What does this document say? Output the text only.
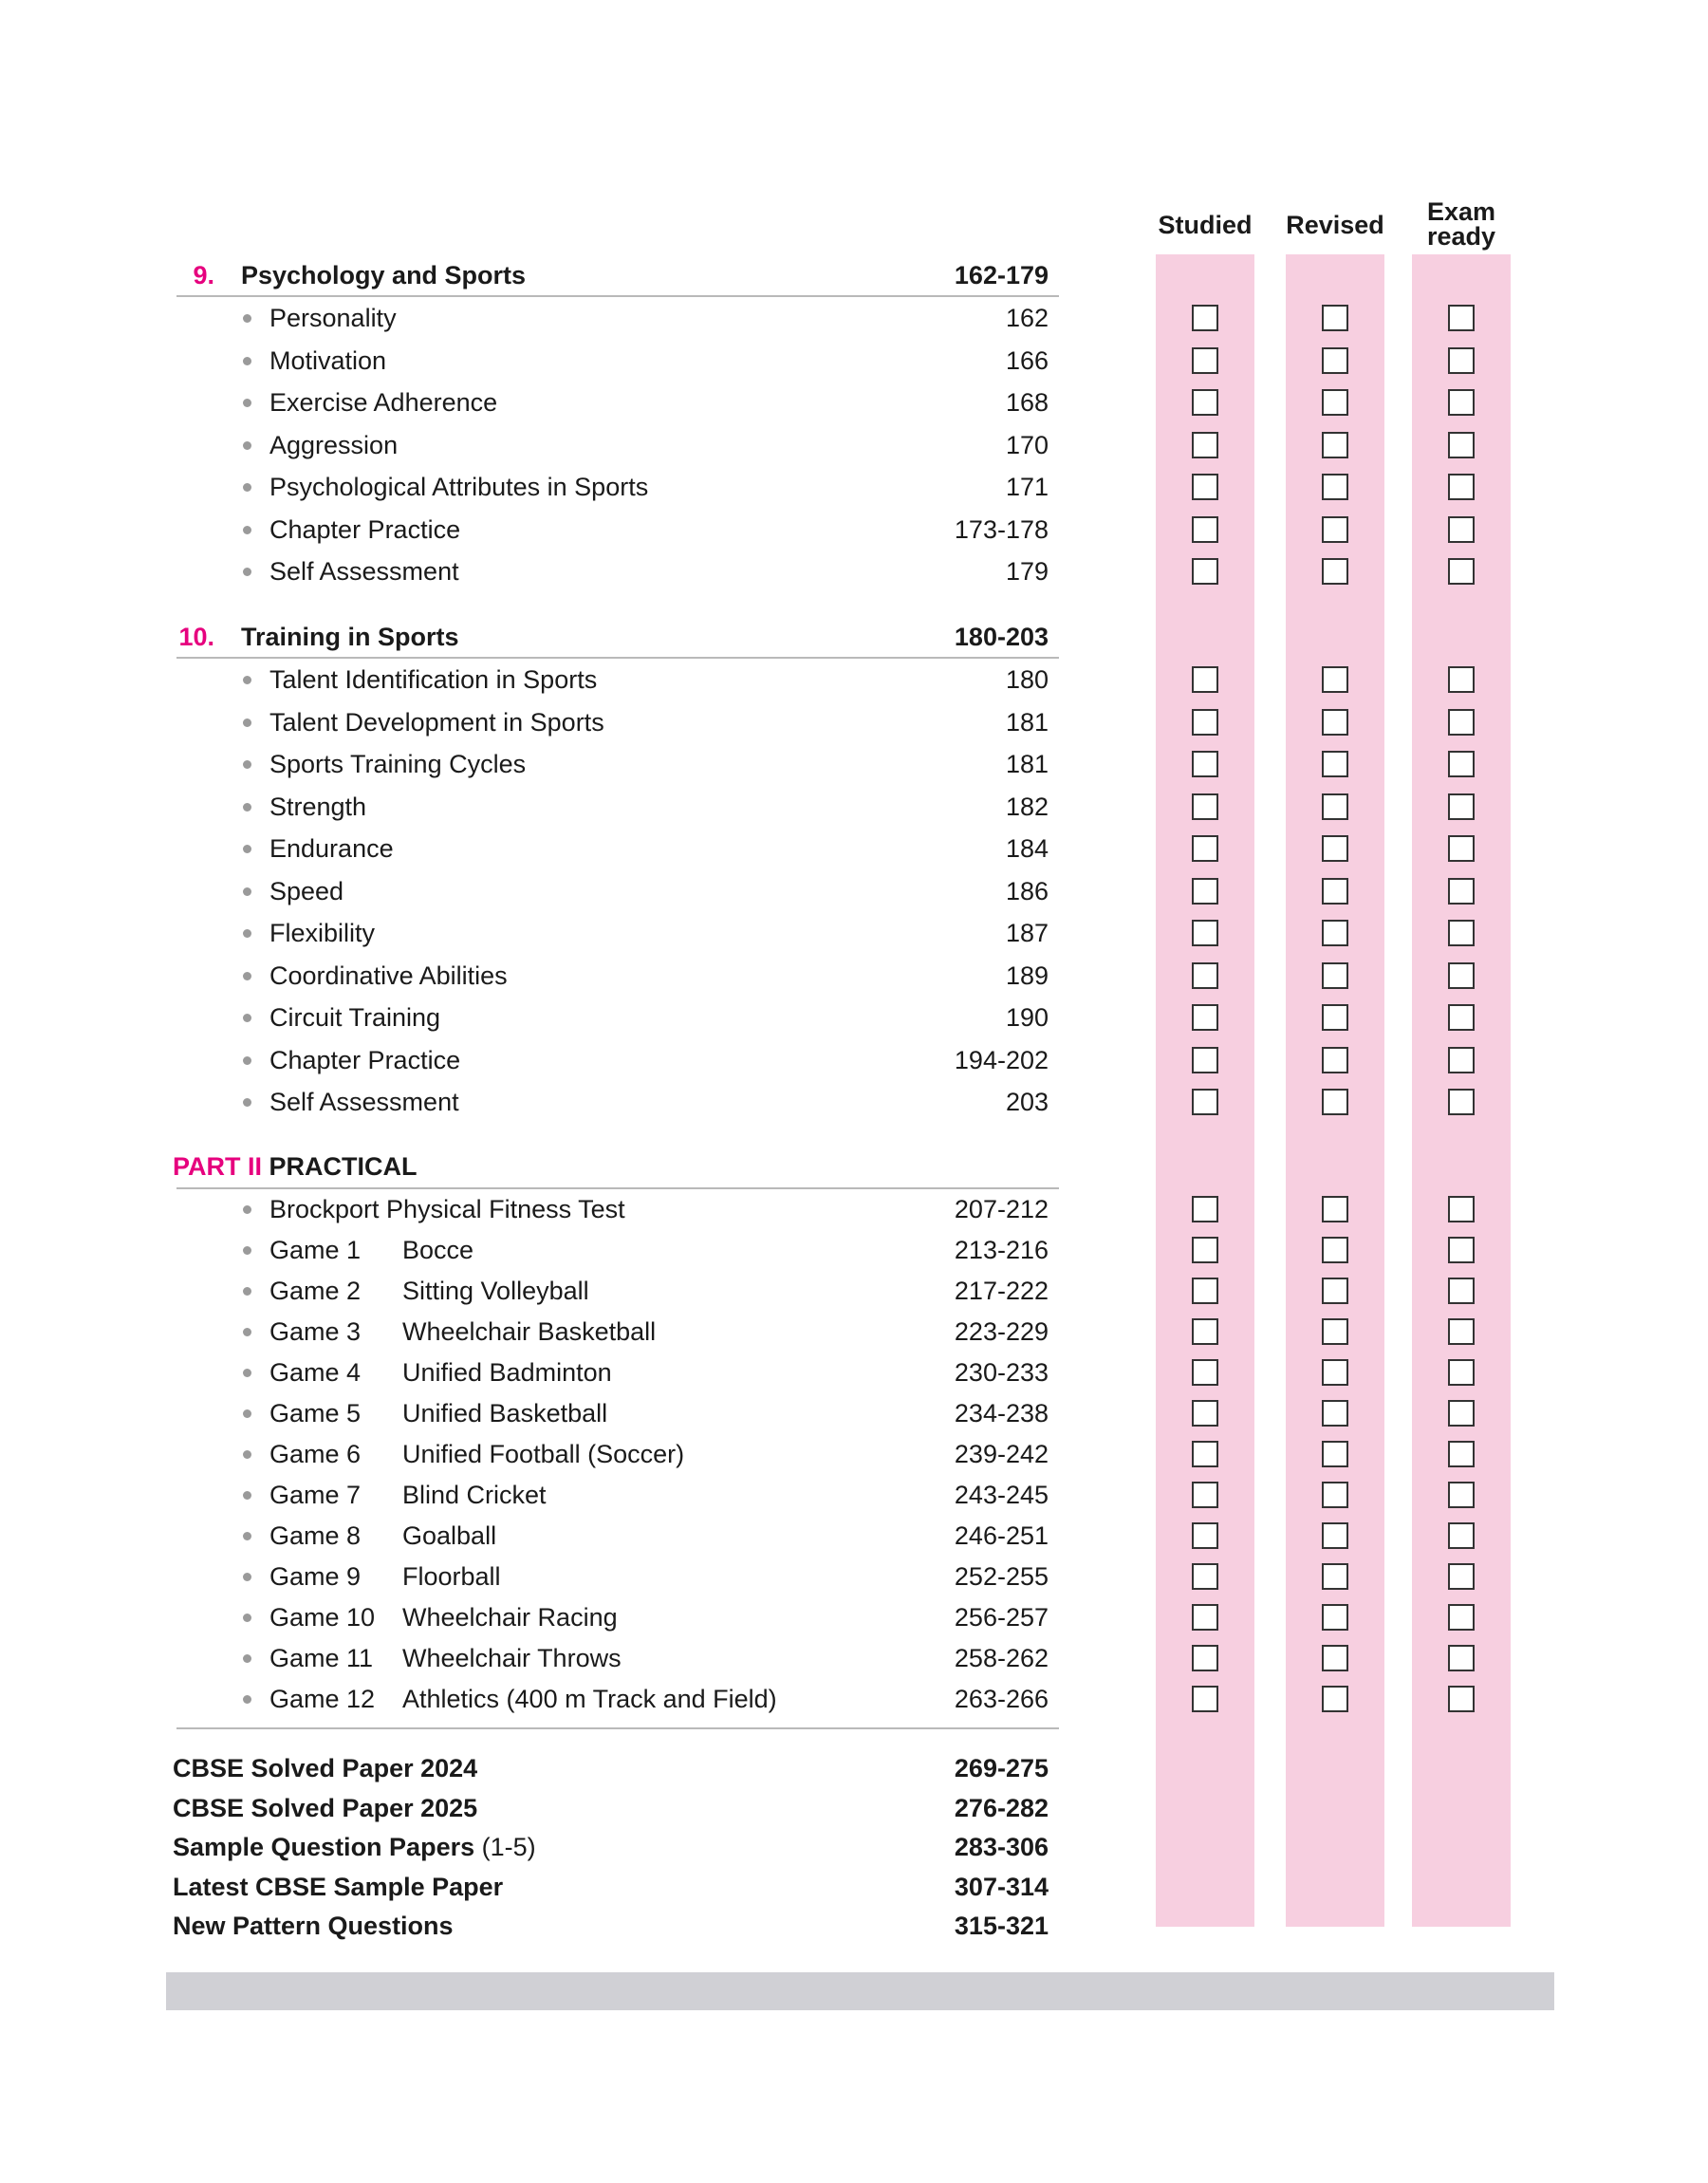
Studied	Revised	Exam
ready
9. Psychology and Sports	162-179
Personality	162
Motivation	166
Exercise Adherence	168
Aggression	170
Psychological Attributes in Sports	171
Chapter Practice	173-178
Self Assessment	179
10. Training in Sports	180-203
Talent Identification in Sports	180
Talent Development in Sports	181
Sports Training Cycles	181
Strength	182
Endurance	184
Speed	186
Flexibility	187
Coordinative Abilities	189
Circuit Training	190
Chapter Practice	194-202
Self Assessment	203
PART II PRACTICAL
Brockport Physical Fitness Test	207-212
Game 1 Bocce	213-216
Game 2 Sitting Volleyball	217-222
Game 3 Wheelchair Basketball	223-229
Game 4 Unified Badminton	230-233
Game 5 Unified Basketball	234-238
Game 6 Unified Football (Soccer)	239-242
Game 7 Blind Cricket	243-245
Game 8 Goalball	246-251
Game 9 Floorball	252-255
Game 10 Wheelchair Racing	256-257
Game 11 Wheelchair Throws	258-262
Game 12 Athletics (400 m Track and Field)	263-266
CBSE Solved Paper 2024	269-275
CBSE Solved Paper 2025	276-282
Sample Question Papers (1-5)	283-306
Latest CBSE Sample Paper	307-314
New Pattern Questions	315-321
